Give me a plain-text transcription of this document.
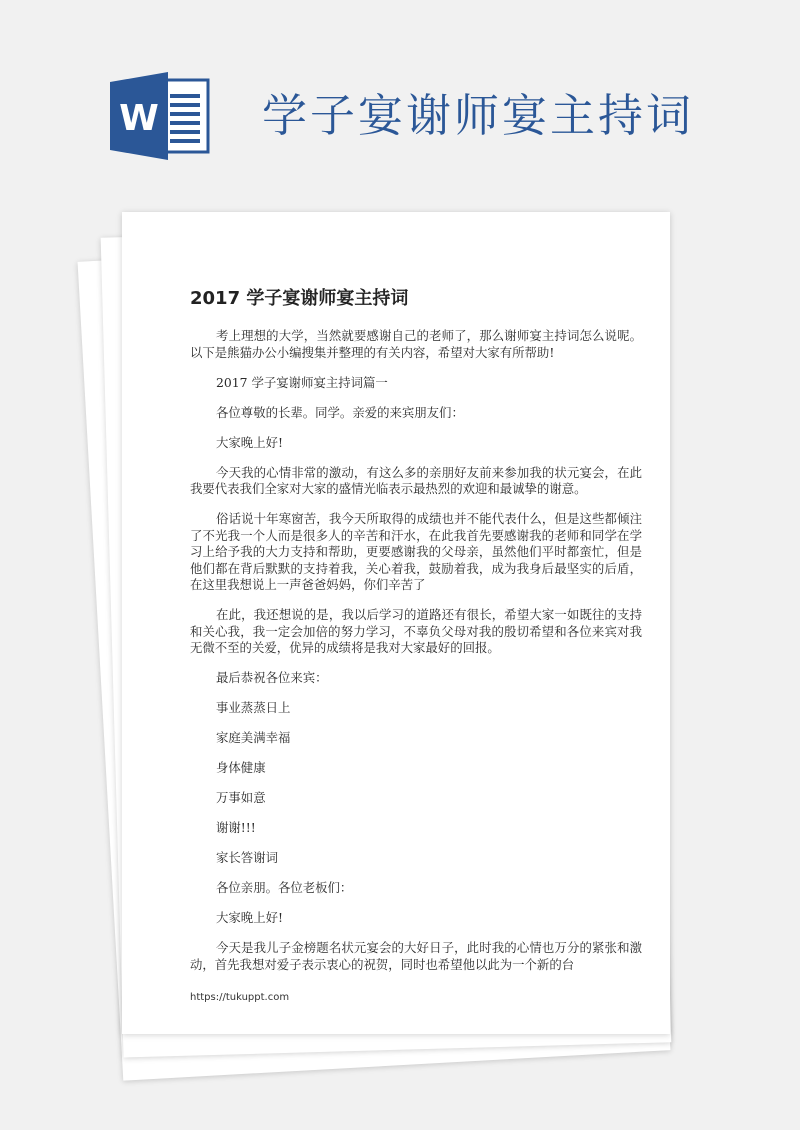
W 学子宴谢师宴主持词
2017 学子宴谢师宴主持词

考上理想的大学，当然就要感谢自己的老师了，那么谢师宴主持词怎么说呢。以下是熊猫办公小编搜集并整理的有关内容，希望对大家有所帮助!

2017 学子宴谢师宴主持词篇一

各位尊敬的长辈。同学。亲爱的来宾朋友们：

大家晚上好!

今天我的心情非常的激动，有这么多的亲朋好友前来参加我的状元宴会，在此我要代表我们全家对大家的盛情光临表示最热烈的欢迎和最诚挚的谢意。

俗话说十年寒窗苦，我今天所取得的成绩也并不能代表什么，但是这些都倾注了不光我一个人而是很多人的辛苦和汗水，在此我首先要感谢我的老师和同学在学习上给予我的大力支持和帮助，更要感谢我的父母亲，虽然他们平时都蛮忙，但是他们都在背后默默的支持着我，关心着我，鼓励着我，成为我身后最坚实的后盾，在这里我想说上一声爸爸妈妈，你们辛苦了

在此，我还想说的是，我以后学习的道路还有很长，希望大家一如既往的支持和关心我，我一定会加倍的努力学习，不辜负父母对我的殷切希望和各位来宾对我无微不至的关爱，优异的成绩将是我对大家最好的回报。

最后恭祝各位来宾：

事业蒸蒸日上

家庭美满幸福

身体健康

万事如意

谢谢!!!

家长答谢词

各位亲朋。各位老板们：

大家晚上好!

今天是我儿子金榜题名状元宴会的大好日子，此时我的心情也万分的紧张和激动，首先我想对爱子表示衷心的祝贺，同时也希望他以此为一个新的台

https://tukuppt.com
